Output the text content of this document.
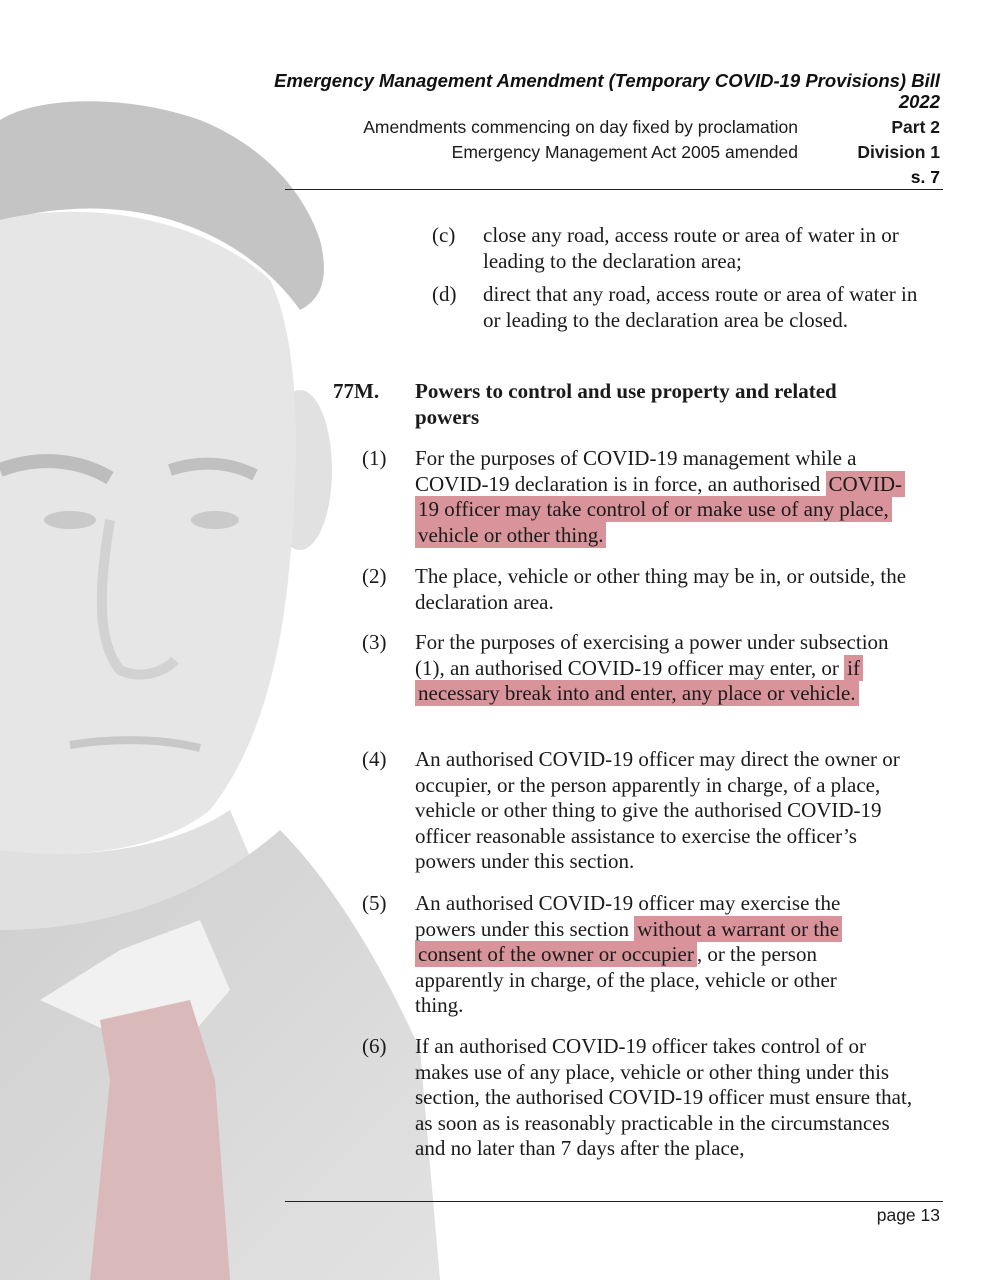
Emergency Management Amendment (Temporary COVID-19 Provisions) Bill 2022
Amendments commencing on day fixed by proclamation	Part 2
Emergency Management Act 2005 amended	Division 1
s. 7
(c) close any road, access route or area of water in or leading to the declaration area;
(d) direct that any road, access route or area of water in or leading to the declaration area be closed.
77M. Powers to control and use property and related powers
(1) For the purposes of COVID-19 management while a COVID-19 declaration is in force, an authorised COVID-19 officer may take control of or make use of any place, vehicle or other thing.
(2) The place, vehicle or other thing may be in, or outside, the declaration area.
(3) For the purposes of exercising a power under subsection (1), an authorised COVID-19 officer may enter, or if necessary break into and enter, any place or vehicle.
(4) An authorised COVID-19 officer may direct the owner or occupier, or the person apparently in charge, of a place, vehicle or other thing to give the authorised COVID-19 officer reasonable assistance to exercise the officer’s powers under this section.
(5) An authorised COVID-19 officer may exercise the powers under this section without a warrant or the consent of the owner or occupier , or the person apparently in charge, of the place, vehicle or other thing.
(6) If an authorised COVID-19 officer takes control of or makes use of any place, vehicle or other thing under this section, the authorised COVID-19 officer must ensure that, as soon as is reasonably practicable in the circumstances and no later than 7 days after the place,
page 13
